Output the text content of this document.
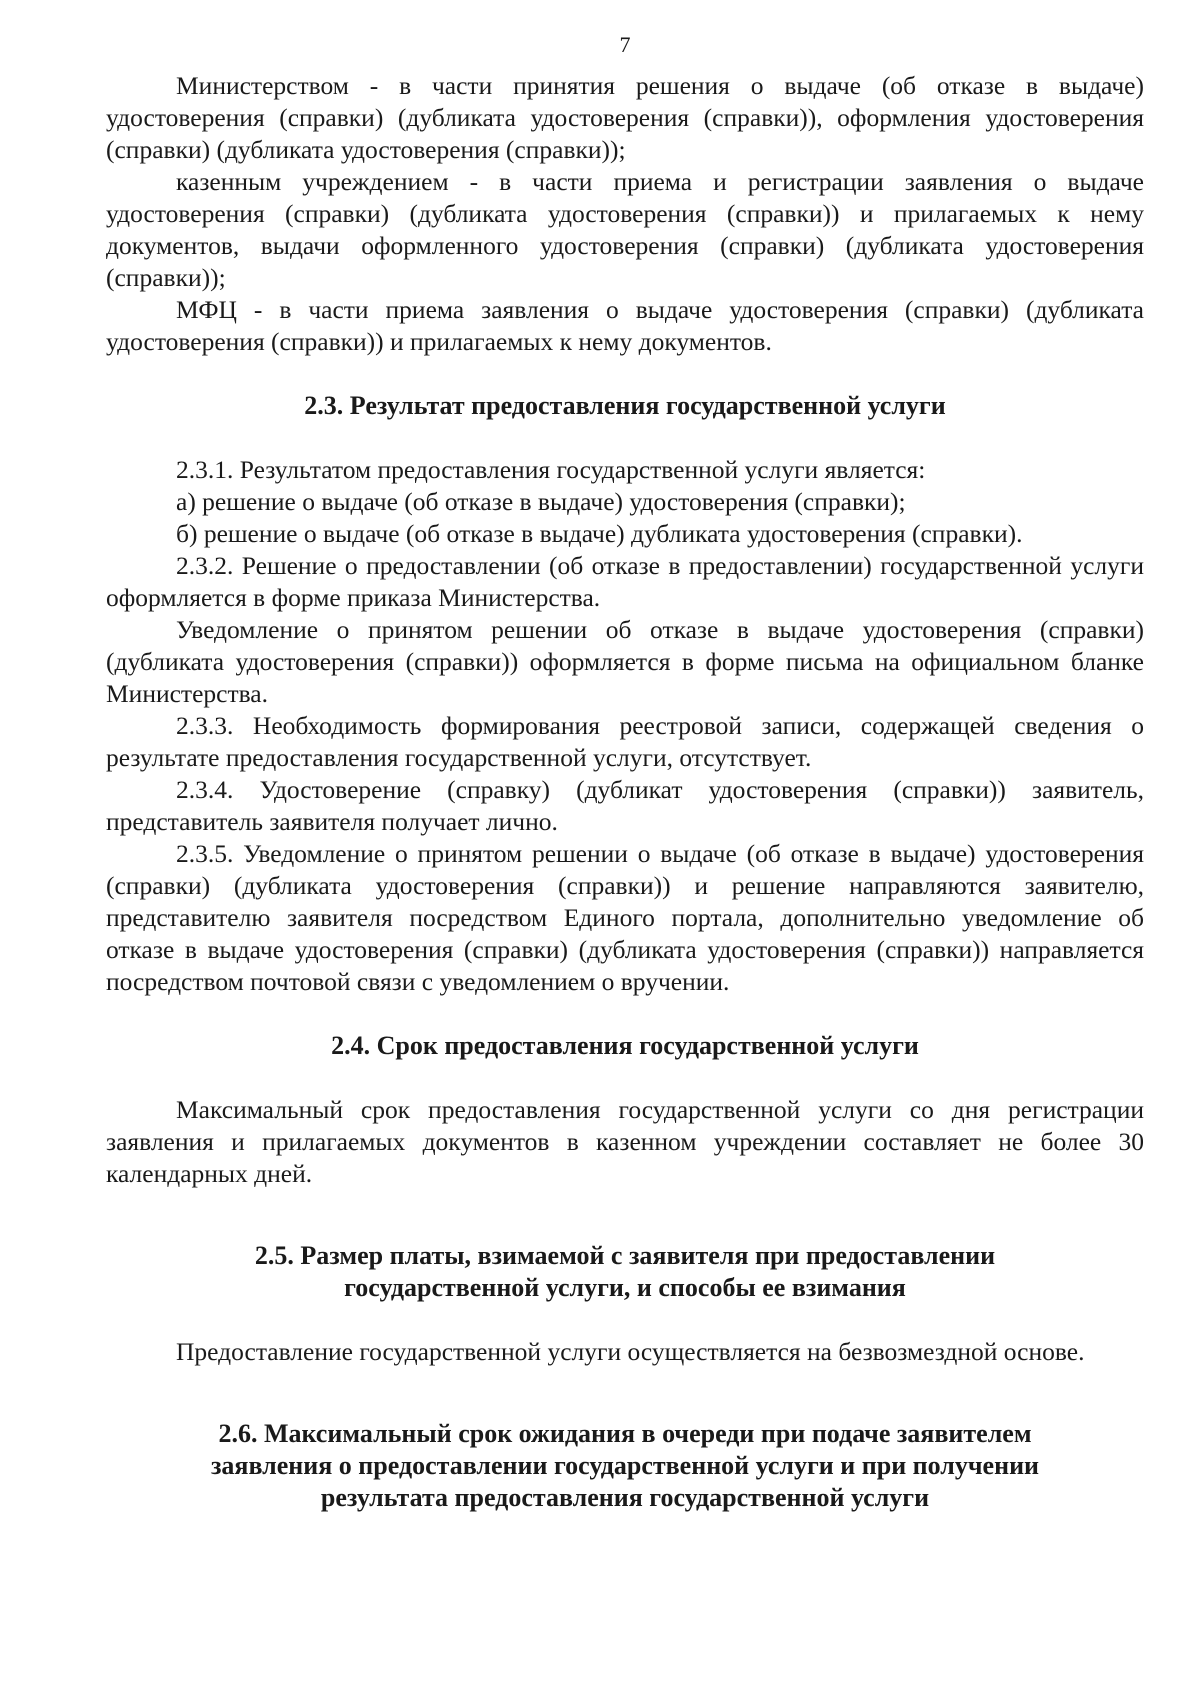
7

Министерством - в части принятия решения о выдаче (об отказе в выдаче) удостоверения (справки) (дубликата удостоверения (справки)), оформления удостоверения (справки) (дубликата удостоверения (справки));

казенным учреждением - в части приема и регистрации заявления о выдаче удостоверения (справки) (дубликата удостоверения (справки)) и прилагаемых к нему документов, выдачи оформленного удостоверения (справки) (дубликата удостоверения (справки));

МФЦ - в части приема заявления о выдаче удостоверения (справки) (дубликата удостоверения (справки)) и прилагаемых к нему документов.

2.3. Результат предоставления государственной услуги

2.3.1. Результатом предоставления государственной услуги является:

а) решение о выдаче (об отказе в выдаче) удостоверения (справки);

б) решение о выдаче (об отказе в выдаче) дубликата удостоверения (справки).

2.3.2. Решение о предоставлении (об отказе в предоставлении) государственной услуги оформляется в форме приказа Министерства.

Уведомление о принятом решении об отказе в выдаче удостоверения (справки) (дубликата удостоверения (справки)) оформляется в форме письма на официальном бланке Министерства.

2.3.3. Необходимость формирования реестровой записи, содержащей сведения о результате предоставления государственной услуги, отсутствует.

2.3.4. Удостоверение (справку) (дубликат удостоверения (справки)) заявитель, представитель заявителя получает лично.

2.3.5. Уведомление о принятом решении о выдаче (об отказе в выдаче) удостоверения (справки) (дубликата удостоверения (справки)) и решение направляются заявителю, представителю заявителя посредством Единого портала, дополнительно уведомление об отказе в выдаче удостоверения (справки) (дубликата удостоверения (справки)) направляется посредством почтовой связи с уведомлением о вручении.

2.4. Срок предоставления государственной услуги

Максимальный срок предоставления государственной услуги со дня регистрации заявления и прилагаемых документов в казенном учреждении составляет не более 30 календарных дней.

2.5. Размер платы, взимаемой с заявителя при предоставлении
государственной услуги, и способы ее взимания

Предоставление государственной услуги осуществляется на безвозмездной основе.

2.6. Максимальный срок ожидания в очереди при подаче заявителем
заявления о предоставлении государственной услуги и при получении
результата предоставления государственной услуги
